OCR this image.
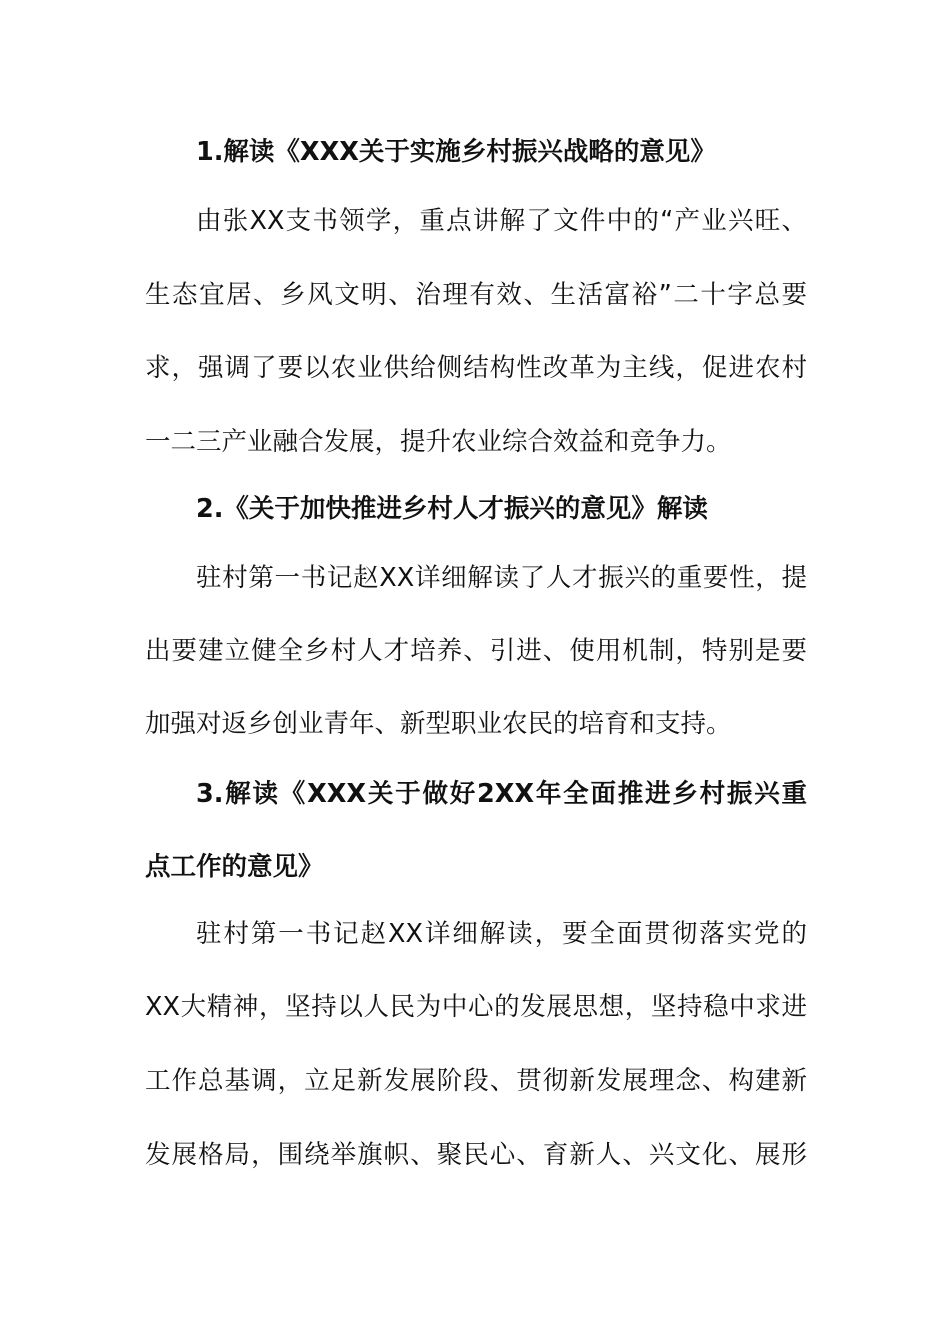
1.解读《XXX关于实施乡村振兴战略的意见》
由张XX支书领学，重点讲解了文件中的“产业兴旺、
生态宜居、乡风文明、治理有效、生活富裕”二十字总要
求，强调了要以农业供给侧结构性改革为主线，促进农村
一二三产业融合发展，提升农业综合效益和竞争力。
2.《关于加快推进乡村人才振兴的意见》解读
驻村第一书记赵XX详细解读了人才振兴的重要性，提
出要建立健全乡村人才培养、引进、使用机制，特别是要
加强对返乡创业青年、新型职业农民的培育和支持。
3.解读《XXX关于做好2XX年全面推进乡村振兴重
点工作的意见》
驻村第一书记赵XX详细解读，要全面贯彻落实党的
XX大精神，坚持以人民为中心的发展思想，坚持稳中求进
工作总基调，立足新发展阶段、贯彻新发展理念、构建新
发展格局，围绕举旗帜、聚民心、育新人、兴文化、展形
